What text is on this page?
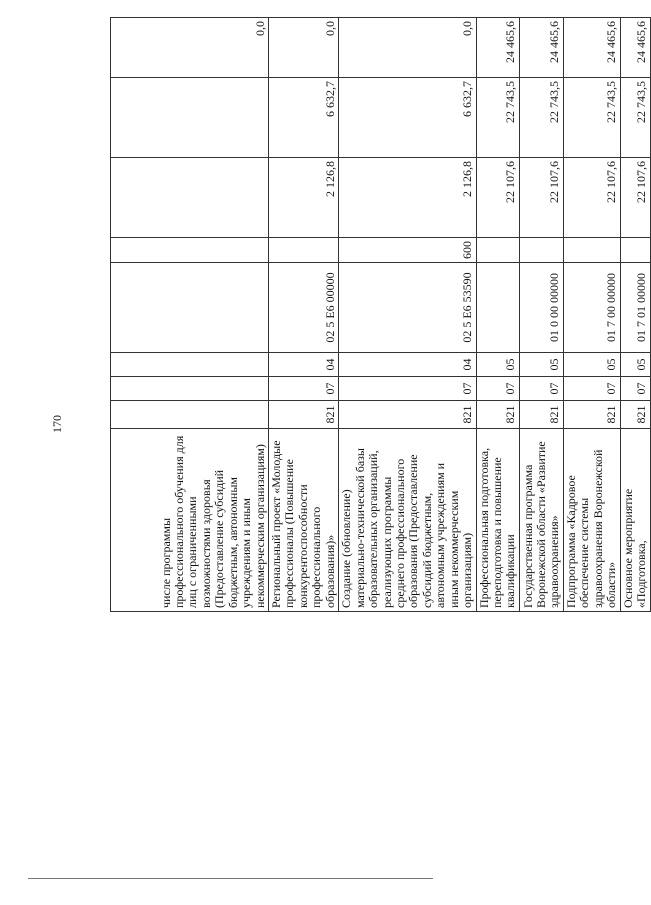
170
числе программы профессионального обучения для лиц с ограниченными возможностями здоровья (Предоставление субсидий бюджетным, автономным учреждениям и иным некоммерческим организациям)								0,0
Региональный проект «Молодые профессионалы (Повышение конкурентоспособности профессионального образования)»	821	07	04	02 5 E6 00000		2 126,8	6 632,7	0,0
Создание (обновление) материально-технической базы образовательных организаций, реализующих программы среднего профессионального образования (Предоставление субсидий бюджетным, автономным учреждениям и иным некоммерческим организациям)	821	07	04	02 5 E6 53590	600	2 126,8	6 632,7	0,0
Профессиональная подготовка, переподготовка и повышение квалификации	821	07	05			22 107,6	22 743,5	24 465,6
Государственная программа Воронежской области «Развитие здравоохранения»	821	07	05	01 0 00 00000		22 107,6	22 743,5	24 465,6
Подпрограмма «Кадровое обеспечение системы здравоохранения Воронежской области»	821	07	05	01 7 00 00000		22 107,6	22 743,5	24 465,6
Основное мероприятие «Подготовка,	821	07	05	01 7 01 00000		22 107,6	22 743,5	24 465,6
